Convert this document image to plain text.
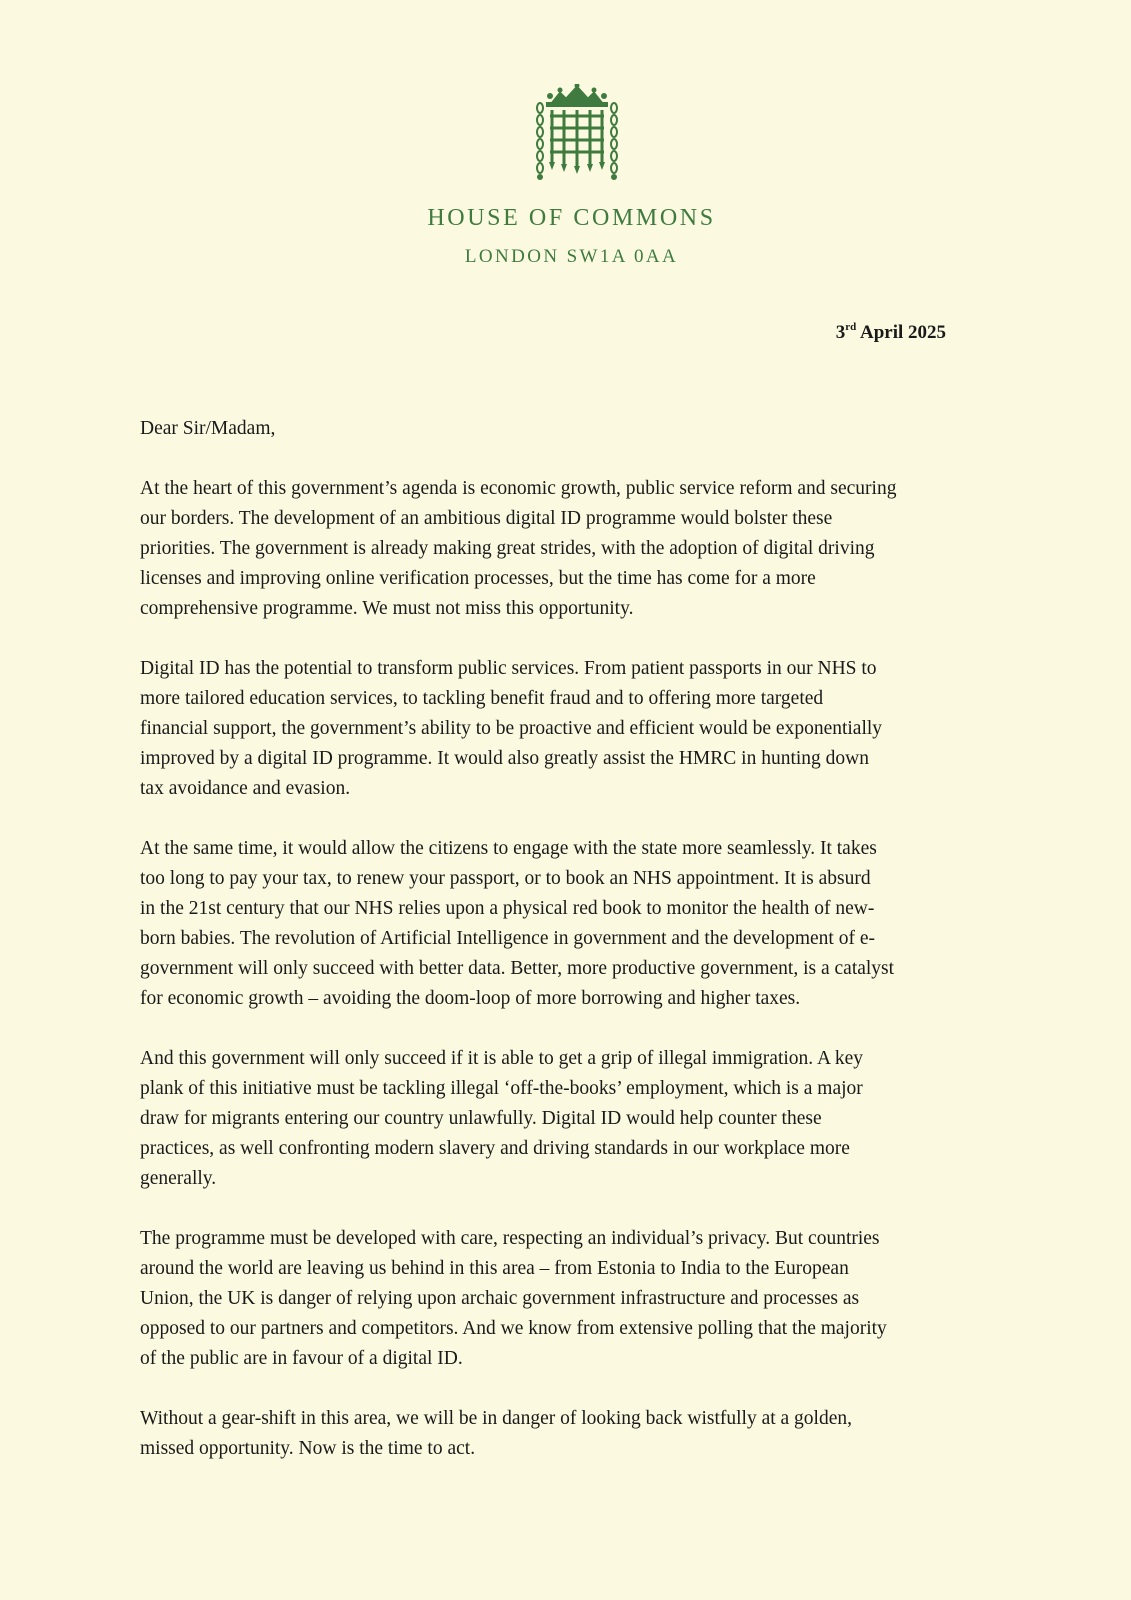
HOUSE OF COMMONS
LONDON SW1A 0AA
3rd April 2025

Dear Sir/Madam,

At the heart of this government’s agenda is economic growth, public service reform and securing
our borders. The development of an ambitious digital ID programme would bolster these
priorities. The government is already making great strides, with the adoption of digital driving
licenses and improving online verification processes, but the time has come for a more
comprehensive programme. We must not miss this opportunity.

Digital ID has the potential to transform public services. From patient passports in our NHS to
more tailored education services, to tackling benefit fraud and to offering more targeted
financial support, the government’s ability to be proactive and efficient would be exponentially
improved by a digital ID programme. It would also greatly assist the HMRC in hunting down
tax avoidance and evasion.

At the same time, it would allow the citizens to engage with the state more seamlessly. It takes
too long to pay your tax, to renew your passport, or to book an NHS appointment. It is absurd
in the 21st century that our NHS relies upon a physical red book to monitor the health of new-
born babies. The revolution of Artificial Intelligence in government and the development of e-
government will only succeed with better data. Better, more productive government, is a catalyst
for economic growth – avoiding the doom-loop of more borrowing and higher taxes.

And this government will only succeed if it is able to get a grip of illegal immigration. A key
plank of this initiative must be tackling illegal ‘off-the-books’ employment, which is a major
draw for migrants entering our country unlawfully. Digital ID would help counter these
practices, as well confronting modern slavery and driving standards in our workplace more
generally.

The programme must be developed with care, respecting an individual’s privacy. But countries
around the world are leaving us behind in this area – from Estonia to India to the European
Union, the UK is danger of relying upon archaic government infrastructure and processes as
opposed to our partners and competitors. And we know from extensive polling that the majority
of the public are in favour of a digital ID.

Without a gear-shift in this area, we will be in danger of looking back wistfully at a golden,
missed opportunity. Now is the time to act.
